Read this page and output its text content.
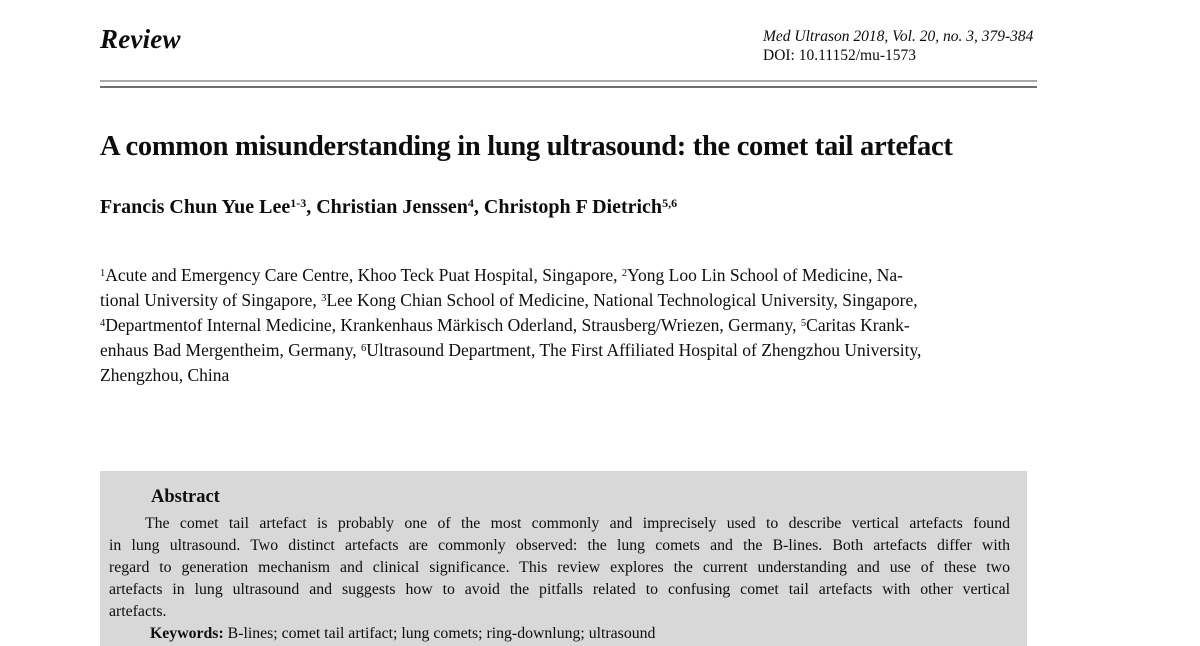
Review	Med Ultrason 2018, Vol. 20, no. 3, 379-384
DOI: 10.11152/mu-1573
A common misunderstanding in lung ultrasound: the comet tail artefact
Francis Chun Yue Lee$^{1-3}$, Christian Jenssen$^4$, Christoph F Dietrich$^{5,6}$
$^1$Acute and Emergency Care Centre, Khoo Teck Puat Hospital, Singapore, $^2$Yong Loo Lin School of Medicine, Na-
tional University of Singapore, $^3$Lee Kong Chian School of Medicine, National Technological University, Singapore,
$^4$Departmentof Internal Medicine, Krankenhaus Märkisch Oderland, Strausberg/Wriezen, Germany, $^5$Caritas Krank-
enhaus Bad Mergentheim, Germany, $^6$Ultrasound Department, The First Affiliated Hospital of Zhengzhou University,
Zhengzhou, China
Abstract
The comet tail artefact is probably one of the most commonly and imprecisely used to describe vertical artefacts found
in lung ultrasound. Two distinct artefacts are commonly observed: the lung comets and the B-lines. Both artefacts differ with
regard to generation mechanism and clinical significance. This review explores the current understanding and use of these two
artefacts in lung ultrasound and suggests how to avoid the pitfalls related to confusing comet tail artefacts with other vertical
artefacts.
Keywords: B-lines; comet tail artifact; lung comets; ring-downlung; ultrasound
